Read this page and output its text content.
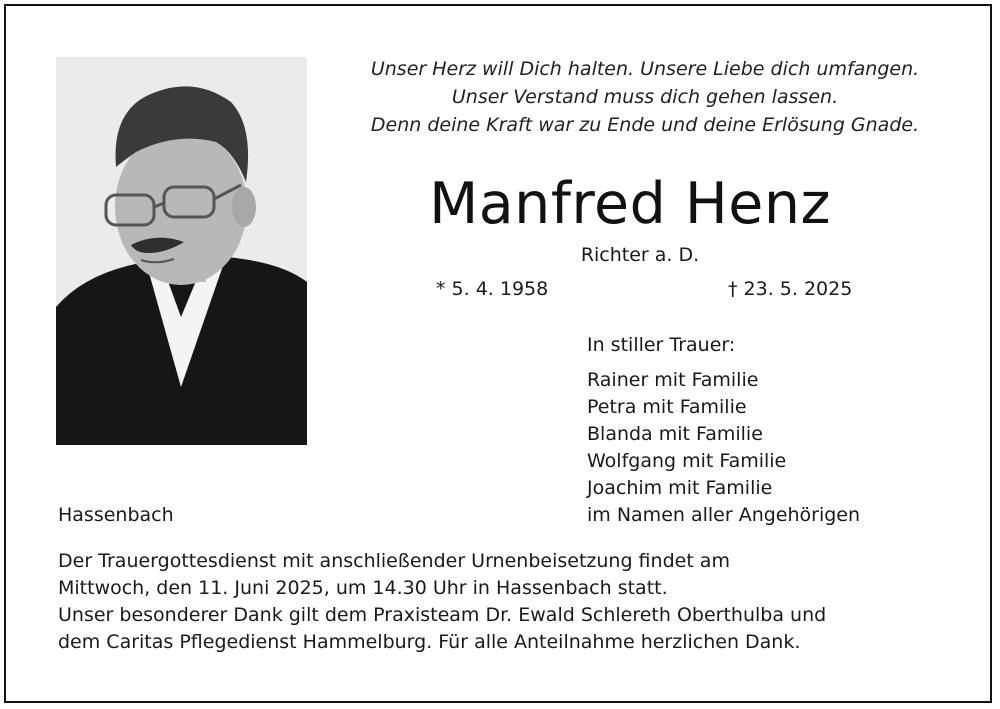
Unser Herz will Dich halten. Unsere Liebe dich umfangen.
Unser Verstand muss dich gehen lassen.
Denn deine Kraft war zu Ende und deine Erlösung Gnade.
Manfred Henz
Richter a. D.
* 5. 4. 1958	† 23. 5. 2025
In stiller Trauer:
Rainer mit Familie
Petra mit Familie
Blanda mit Familie
Wolfgang mit Familie
Joachim mit Familie
im Namen aller Angehörigen
Hassenbach
Der Trauergottesdienst mit anschließender Urnenbeisetzung findet am
Mittwoch, den 11. Juni 2025, um 14.30 Uhr in Hassenbach statt.
Unser besonderer Dank gilt dem Praxisteam Dr. Ewald Schlereth Oberthulba und
dem Caritas Pflegedienst Hammelburg. Für alle Anteilnahme herzlichen Dank.
